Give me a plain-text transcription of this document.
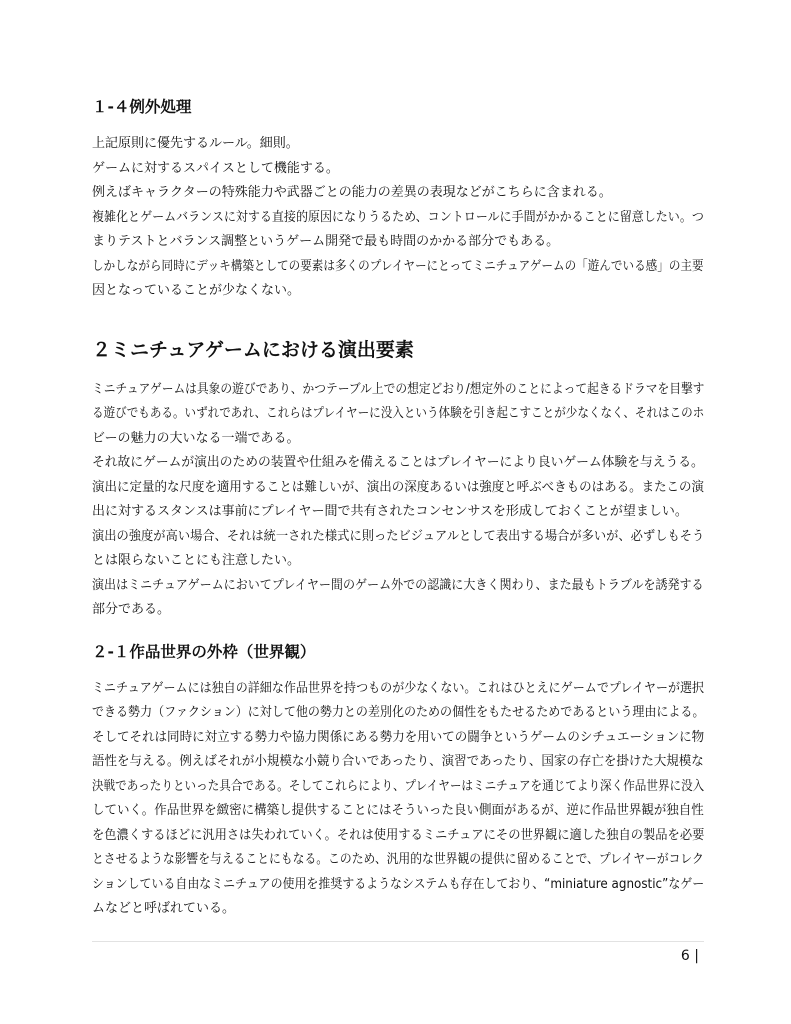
１-４例外処理

上記原則に優先するルール。細則。

ゲームに対するスパイスとして機能する。

例えばキャラクターの特殊能力や武器ごとの能力の差異の表現などがこちらに含まれる。

複雑化とゲームバランスに対する直接的原因になりうるため、コントロールに手間がかかることに留意したい。つ

まりテストとバランス調整というゲーム開発で最も時間のかかる部分でもある。

しかしながら同時にデッキ構築としての要素は多くのプレイヤーにとってミニチュアゲームの「遊んでいる感」の主要

因となっていることが少なくない。

２ミニチュアゲームにおける演出要素

ミニチュアゲームは具象の遊びであり、かつテーブル上での想定どおり/想定外のことによって起きるドラマを目撃す

る遊びでもある。いずれであれ、これらはプレイヤーに没入という体験を引き起こすことが少なくなく、それはこのホ

ビーの魅力の大いなる一端である。

それ故にゲームが演出のための装置や仕組みを備えることはプレイヤーにより良いゲーム体験を与えうる。

演出に定量的な尺度を適用することは難しいが、演出の深度あるいは強度と呼ぶべきものはある。またこの演

出に対するスタンスは事前にプレイヤー間で共有されたコンセンサスを形成しておくことが望ましい。

演出の強度が高い場合、それは統一された様式に則ったビジュアルとして表出する場合が多いが、必ずしもそう

とは限らないことにも注意したい。

演出はミニチュアゲームにおいてプレイヤー間のゲーム外での認識に大きく関わり、また最もトラブルを誘発する

部分である。

２-１作品世界の外枠（世界観）

ミニチュアゲームには独自の詳細な作品世界を持つものが少なくない。これはひとえにゲームでプレイヤーが選択

できる勢力（ファクション）に対して他の勢力との差別化のための個性をもたせるためであるという理由による。

そしてそれは同時に対立する勢力や協力関係にある勢力を用いての闘争というゲームのシチュエーションに物

語性を与える。例えばそれが小規模な小競り合いであったり、演習であったり、国家の存亡を掛けた大規模な

決戦であったりといった具合である。そしてこれらにより、プレイヤーはミニチュアを通じてより深く作品世界に没入

していく。作品世界を緻密に構築し提供することにはそういった良い側面があるが、逆に作品世界観が独自性

を色濃くするほどに汎用さは失われていく。それは使用するミニチュアにその世界観に適した独自の製品を必要

とさせるような影響を与えることにもなる。このため、汎用的な世界観の提供に留めることで、プレイヤーがコレク

ションしている自由なミニチュアの使用を推奨するようなシステムも存在しており、“miniature agnostic”なゲー

ムなどと呼ばれている。

6 |
